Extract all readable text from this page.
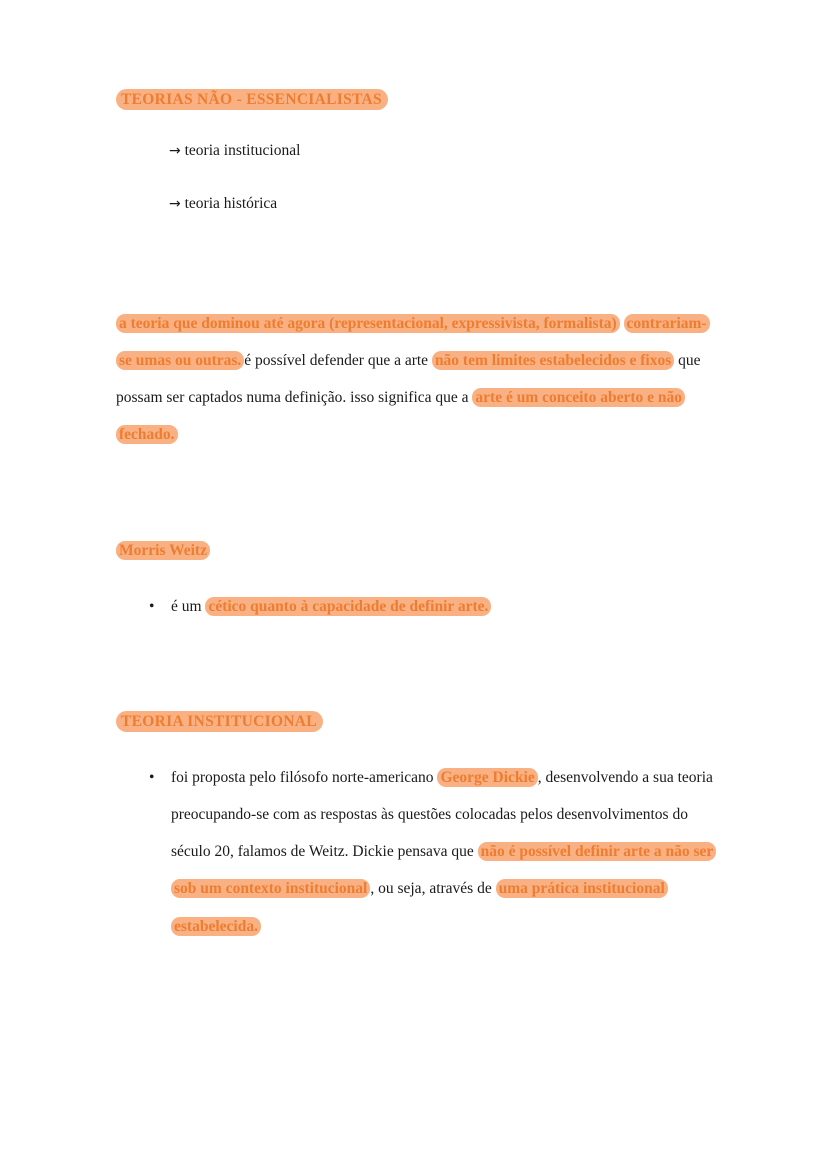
TEORIAS NÃO - ESSENCIALISTAS

→ teoria institucional

→ teoria histórica

a teoria que dominou até agora (representacional, expressivista, formalista) contrariam-se umas ou outras. é possível defender que a arte não tem limites estabelecidos e fixos que possam ser captados numa definição. isso significa que a arte é um conceito aberto e não fechado.

Morris Weitz

• é um cético quanto à capacidade de definir arte.

TEORIA INSTITUCIONAL

• foi proposta pelo filósofo norte-americano George Dickie , desenvolvendo a sua teoria preocupando-se com as respostas às questões colocadas pelos desenvolvimentos do século 20, falamos de Weitz. Dickie pensava que não é possível definir arte a não ser sob um contexto institucional , ou seja, através de uma prática institucional estabelecida.
